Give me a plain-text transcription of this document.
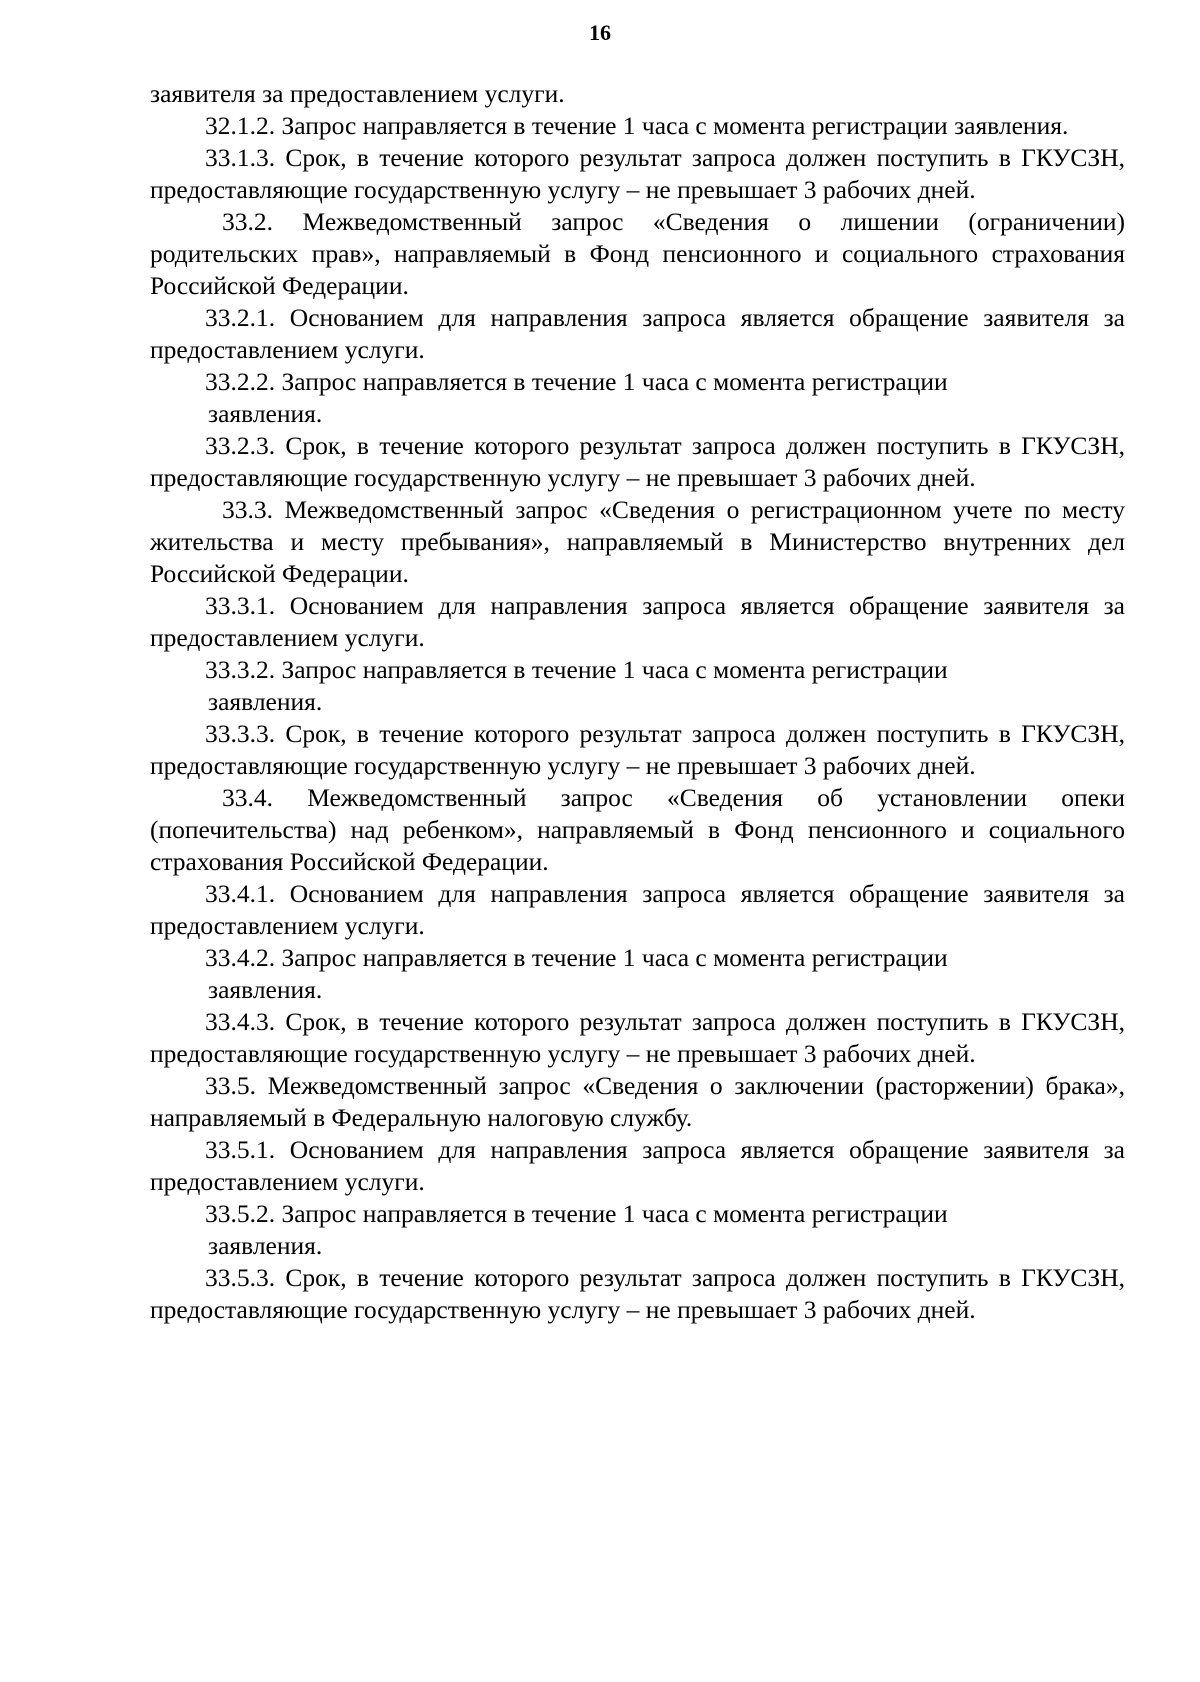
16

заявителя за предоставлением услуги.

32.1.2. Запрос направляется в течение 1 часа с момента регистрации заявления.

33.1.3. Срок, в течение которого результат запроса должен поступить в ГКУСЗН, предоставляющие государственную услугу – не превышает 3 рабочих дней.

33.2. Межведомственный запрос «Сведения о лишении (ограничении) родительских прав», направляемый в Фонд пенсионного и социального страхования Российской Федерации.

33.2.1. Основанием для направления запроса является обращение заявителя за предоставлением услуги.

33.2.2. Запрос направляется в течение 1 часа с момента регистрации

заявления.

33.2.3. Срок, в течение которого результат запроса должен поступить в ГКУСЗН, предоставляющие государственную услугу – не превышает 3 рабочих дней.

33.3. Межведомственный запрос «Сведения о регистрационном учете по месту жительства и месту пребывания», направляемый в Министерство внутренних дел Российской Федерации.

33.3.1. Основанием для направления запроса является обращение заявителя за предоставлением услуги.

33.3.2. Запрос направляется в течение 1 часа с момента регистрации

заявления.

33.3.3. Срок, в течение которого результат запроса должен поступить в ГКУСЗН, предоставляющие государственную услугу – не превышает 3 рабочих дней.

33.4. Межведомственный запрос «Сведения об установлении опеки (попечительства) над ребенком», направляемый в Фонд пенсионного и социального страхования Российской Федерации.

33.4.1. Основанием для направления запроса является обращение заявителя за предоставлением услуги.

33.4.2. Запрос направляется в течение 1 часа с момента регистрации

заявления.

33.4.3. Срок, в течение которого результат запроса должен поступить в ГКУСЗН, предоставляющие государственную услугу – не превышает 3 рабочих дней.

33.5. Межведомственный запрос «Сведения о заключении (расторжении) брака», направляемый в Федеральную налоговую службу.

33.5.1. Основанием для направления запроса является обращение заявителя за предоставлением услуги.

33.5.2. Запрос направляется в течение 1 часа с момента регистрации

заявления.

33.5.3. Срок, в течение которого результат запроса должен поступить в ГКУСЗН, предоставляющие государственную услугу – не превышает 3 рабочих дней.
